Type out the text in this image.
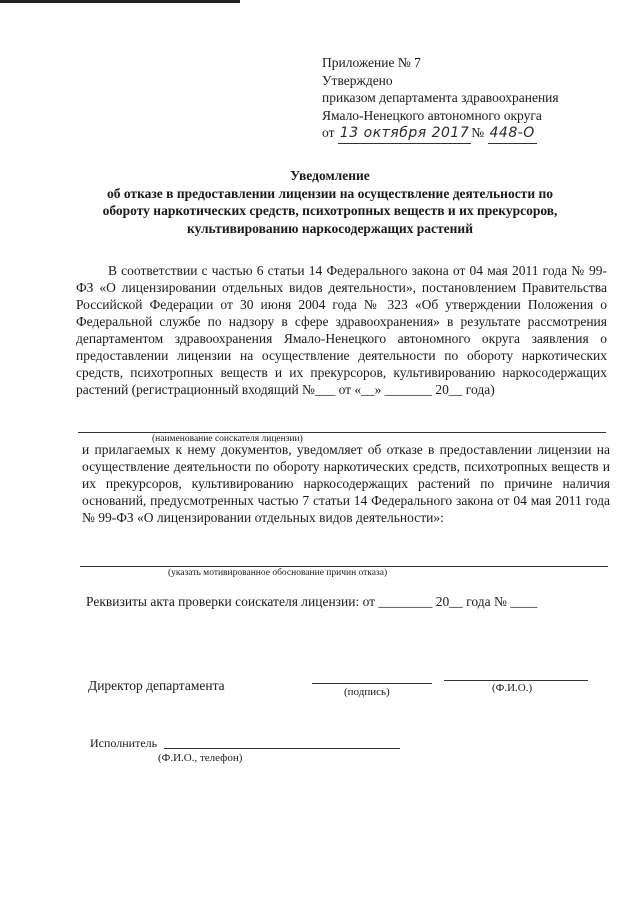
Приложение № 7
Утверждено
приказом департамента здравоохранения
Ямало-Ненецкого автономного округа
от 13 октября 2017 № 448-О
Уведомление
об отказе в предоставлении лицензии на осуществление деятельности по
обороту наркотических средств, психотропных веществ и их прекурсоров,
культивированию наркосодержащих растений
В соответствии с частью 6 статьи 14 Федерального закона от 04 мая 2011 года № 99-ФЗ «О лицензировании отдельных видов деятельности», постановлением Правительства Российской Федерации от 30 июня 2004 года № 323 «Об утверждении Положения о Федеральной службе по надзору в сфере здравоохранения» в результате рассмотрения департаментом здравоохранения Ямало-Ненецкого автономного округа заявления о предоставлении лицензии на осуществление деятельности по обороту наркотических средств, психотропных веществ и их прекурсоров, культивированию наркосодержащих растений (регистрационный входящий №___ от «__» _______ 20__ года)
(наименование соискателя лицензии)
и прилагаемых к нему документов, уведомляет об отказе в предоставлении лицензии на осуществление деятельности по обороту наркотических средств, психотропных веществ и их прекурсоров, культивированию наркосодержащих растений по причине наличия оснований, предусмотренных частью 7 статьи 14 Федерального закона от 04 мая 2011 года № 99-ФЗ «О лицензировании отдельных видов деятельности»:
(указать мотивированное обоснование причин отказа)
Реквизиты акта проверки соискателя лицензии: от ________ 20__ года № ____
Директор департамента	(подпись)	(Ф.И.О.)
Исполнитель
(Ф.И.О., телефон)
